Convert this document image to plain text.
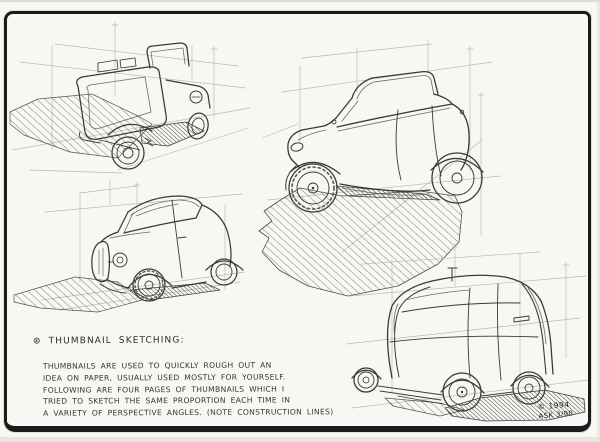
⊛ THUMBNAIL SKETCHING:
THUMBNAILS ARE USED TO QUICKLY ROUGH OUT AN
IDEA ON PAPER, USUALLY USED MOSTLY FOR YOURSELF.
FOLLOWING ARE FOUR PAGES OF THUMBNAILS WHICH I
TRIED TO SKETCH THE SAME PROPORTION EACH TIME IN
A VARIETY OF PERSPECTIVE ANGLES. (NOTE CONSTRUCTION LINES)
© 1994
ASK 3/90
